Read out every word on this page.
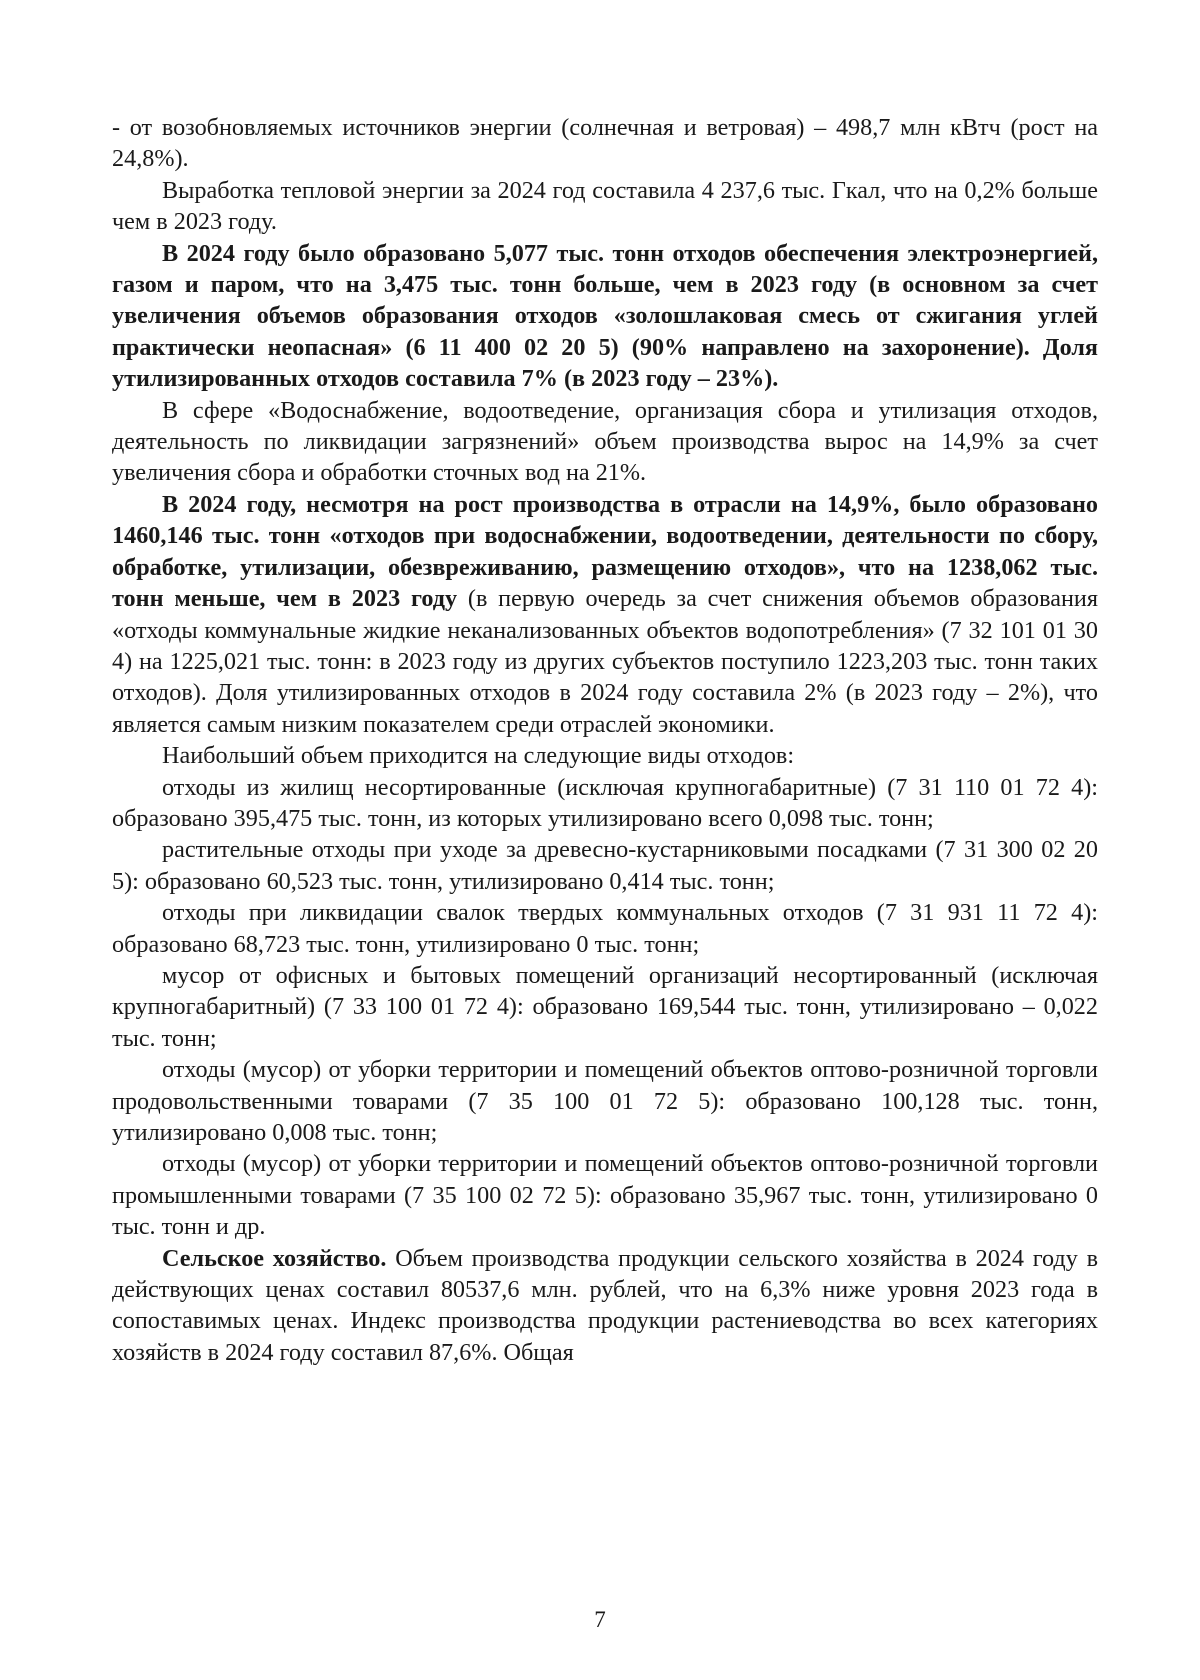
- от возобновляемых источников энергии (солнечная и ветровая) – 498,7 млн кВтч (рост на 24,8%).

Выработка тепловой энергии за 2024 год составила 4 237,6 тыс. Гкал, что на 0,2% больше чем в 2023 году.

В 2024 году было образовано 5,077 тыс. тонн отходов обеспечения электроэнергией, газом и паром, что на 3,475 тыс. тонн больше, чем в 2023 году (в основном за счет увеличения объемов образования отходов «золошлаковая смесь от сжигания углей практически неопасная» (6 11 400 02 20 5) (90% направлено на захоронение). Доля утилизированных отходов составила 7% (в 2023 году – 23%).

В сфере «Водоснабжение, водоотведение, организация сбора и утилизация отходов, деятельность по ликвидации загрязнений» объем производства вырос на 14,9% за счет увеличения сбора и обработки сточных вод на 21%.

В 2024 году, несмотря на рост производства в отрасли на 14,9%, было образовано 1460,146 тыс. тонн «отходов при водоснабжении, водоотведении, деятельности по сбору, обработке, утилизации, обезвреживанию, размещению отходов», что на 1238,062 тыс. тонн меньше, чем в 2023 году (в первую очередь за счет снижения объемов образования «отходы коммунальные жидкие неканализованных объектов водопотребления» (7 32 101 01 30 4) на 1225,021 тыс. тонн: в 2023 году из других субъектов поступило 1223,203 тыс. тонн таких отходов). Доля утилизированных отходов в 2024 году составила 2% (в 2023 году – 2%), что является самым низким показателем среди отраслей экономики.

Наибольший объем приходится на следующие виды отходов:

отходы из жилищ несортированные (исключая крупногабаритные) (7 31 110 01 72 4): образовано 395,475 тыс. тонн, из которых утилизировано всего 0,098 тыс. тонн;

растительные отходы при уходе за древесно-кустарниковыми посадками (7 31 300 02 20 5): образовано 60,523 тыс. тонн, утилизировано 0,414 тыс. тонн;

отходы при ликвидации свалок твердых коммунальных отходов (7 31 931 11 72 4): образовано 68,723 тыс. тонн, утилизировано 0 тыс. тонн;

мусор от офисных и бытовых помещений организаций несортированный (исключая крупногабаритный) (7 33 100 01 72 4): образовано 169,544 тыс. тонн, утилизировано – 0,022 тыс. тонн;

отходы (мусор) от уборки территории и помещений объектов оптово-розничной торговли продовольственными товарами (7 35 100 01 72 5): образовано 100,128 тыс. тонн, утилизировано 0,008 тыс. тонн;

отходы (мусор) от уборки территории и помещений объектов оптово-розничной торговли промышленными товарами (7 35 100 02 72 5): образовано 35,967 тыс. тонн, утилизировано 0 тыс. тонн и др.

Сельское хозяйство. Объем производства продукции сельского хозяйства в 2024 году в действующих ценах составил 80537,6 млн. рублей, что на 6,3% ниже уровня 2023 года в сопоставимых ценах. Индекс производства продукции растениеводства во всех категориях хозяйств в 2024 году составил 87,6%. Общая

7
